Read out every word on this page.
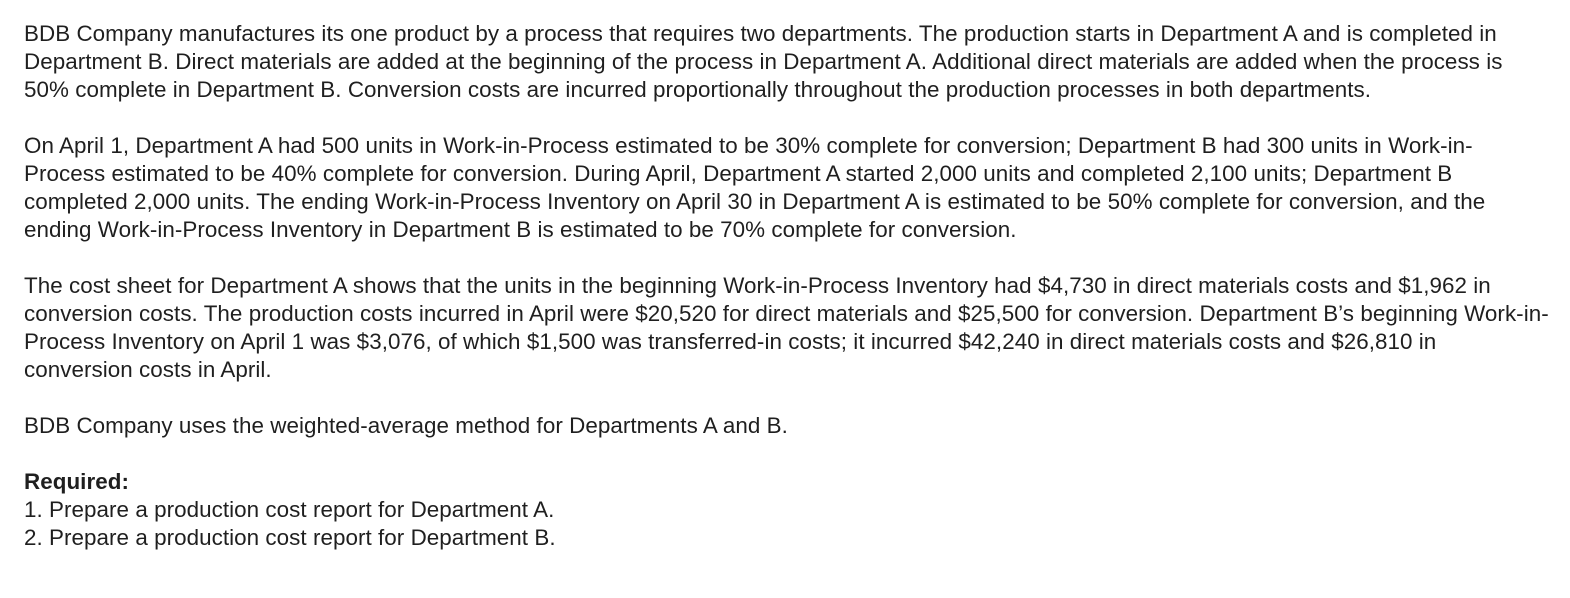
BDB Company manufactures its one product by a process that requires two departments. The production starts in Department A and is completed in Department B. Direct materials are added at the beginning of the process in Department A. Additional direct materials are added when the process is 50% complete in Department B. Conversion costs are incurred proportionally throughout the production processes in both departments.

On April 1, Department A had 500 units in Work-in-Process estimated to be 30% complete for conversion; Department B had 300 units in Work-in-Process estimated to be 40% complete for conversion. During April, Department A started 2,000 units and completed 2,100 units; Department B completed 2,000 units. The ending Work-in-Process Inventory on April 30 in Department A is estimated to be 50% complete for conversion, and the ending Work-in-Process Inventory in Department B is estimated to be 70% complete for conversion.

The cost sheet for Department A shows that the units in the beginning Work-in-Process Inventory had $4,730 in direct materials costs and $1,962 in conversion costs. The production costs incurred in April were $20,520 for direct materials and $25,500 for conversion. Department B’s beginning Work-in-Process Inventory on April 1 was $3,076, of which $1,500 was transferred-in costs; it incurred $42,240 in direct materials costs and $26,810 in conversion costs in April.

BDB Company uses the weighted-average method for Departments A and B.

Required:

1. Prepare a production cost report for Department A.
2. Prepare a production cost report for Department B.
